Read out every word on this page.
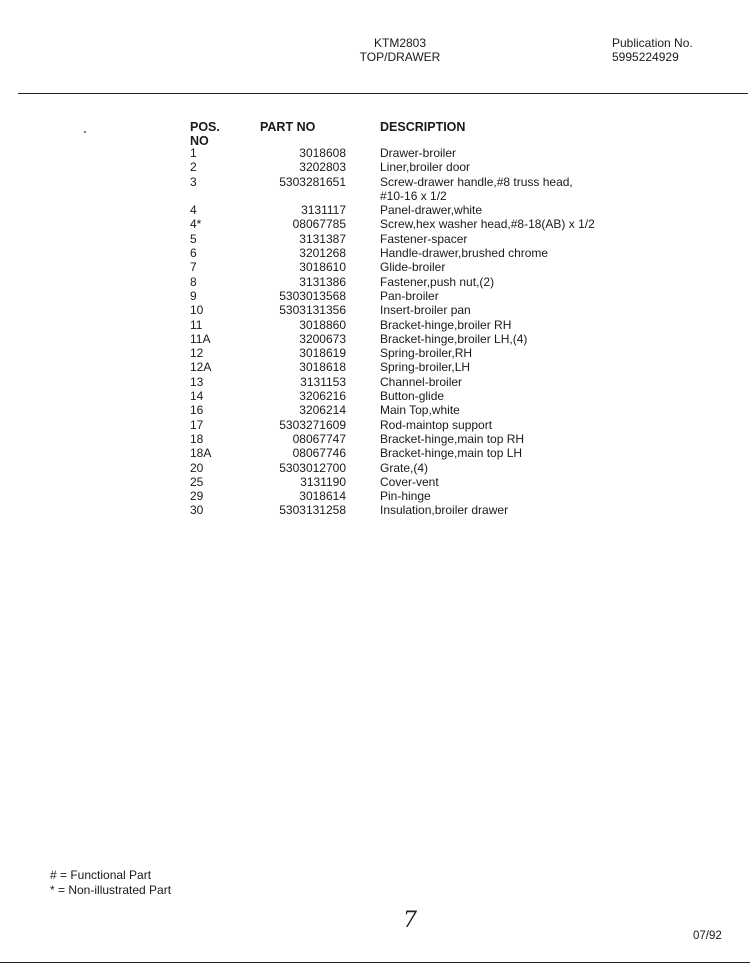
KTM2803
TOP/DRAWER
Publication No.
5995224929
POS. NO
PART NO	DESCRIPTION
1	3018608	Drawer-broiler
2	3202803	Liner,broiler door
3	5303281651	Screw-drawer handle,#8 truss head,
#10-16 x 1/2
4	3131117	Panel-drawer,white
4*	08067785	Screw,hex washer head,#8-18(AB) x 1/2
5	3131387	Fastener-spacer
6	3201268	Handle-drawer,brushed chrome
7	3018610	Glide-broiler
8	3131386	Fastener,push nut,(2)
9	5303013568	Pan-broiler
10	5303131356	Insert-broiler pan
11	3018860	Bracket-hinge,broiler RH
11A	3200673	Bracket-hinge,broiler LH,(4)
12	3018619	Spring-broiler,RH
12A	3018618	Spring-broiler,LH
13	3131153	Channel-broiler
14	3206216	Button-glide
16	3206214	Main Top,white
17	5303271609	Rod-maintop support
18	08067747	Bracket-hinge,main top RH
18A	08067746	Bracket-hinge,main top LH
20	5303012700	Grate,(4)
25	3131190	Cover-vent
29	3018614	Pin-hinge
30	5303131258	Insulation,broiler drawer
# = Functional Part
* = Non-illustrated Part
7
07/92
